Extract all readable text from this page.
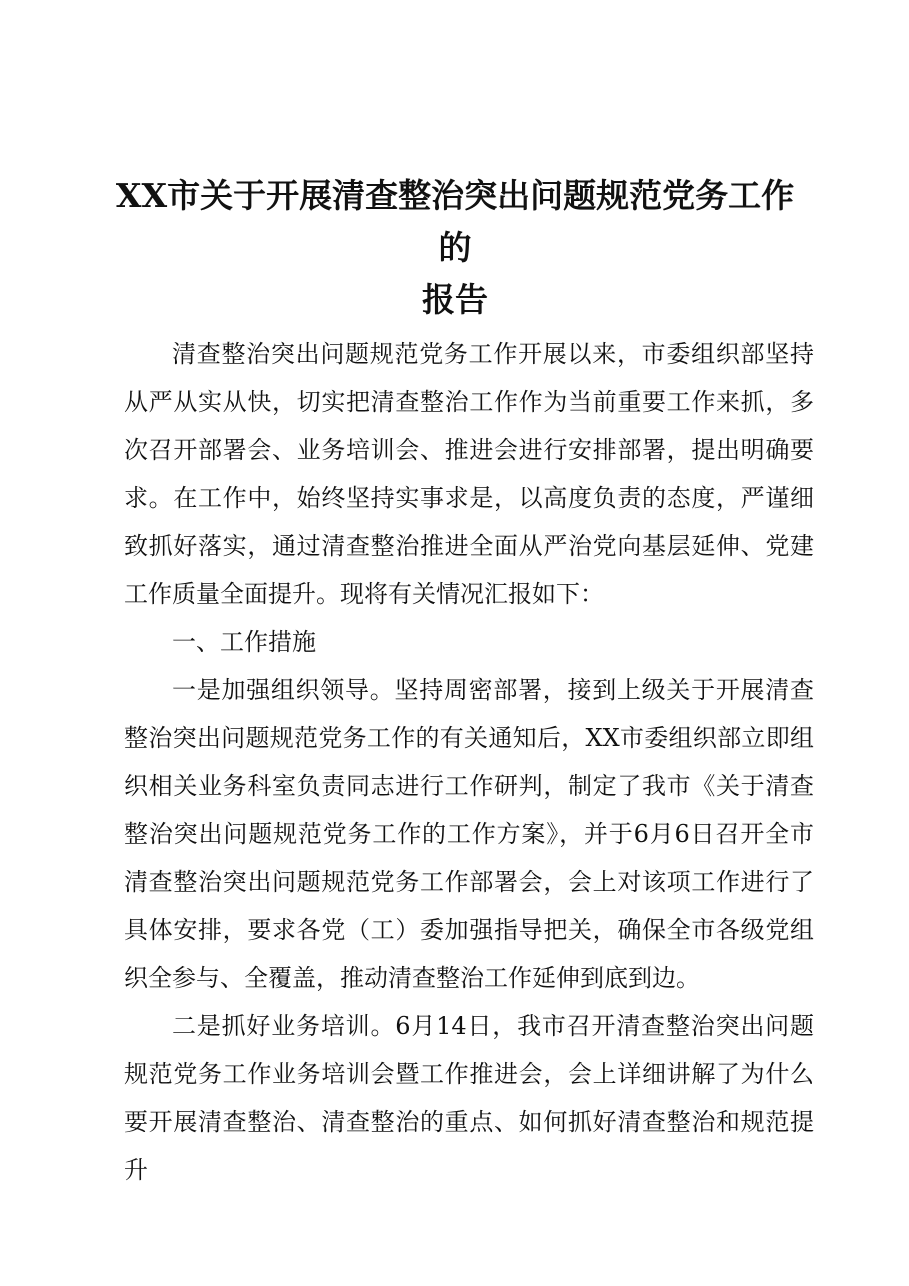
XX市关于开展清查整治突出问题规范党务工作的
报告

清查整治突出问题规范党务工作开展以来，市委组织部坚持从严从实从快，切实把清查整治工作作为当前重要工作来抓，多次召开部署会、业务培训会、推进会进行安排部署，提出明确要求。在工作中，始终坚持实事求是，以高度负责的态度，严谨细致抓好落实，通过清查整治推进全面从严治党向基层延伸、党建工作质量全面提升。现将有关情况汇报如下：

一、工作措施

一是加强组织领导。坚持周密部署，接到上级关于开展清查整治突出问题规范党务工作的有关通知后，XX市委组织部立即组织相关业务科室负责同志进行工作研判，制定了我市《关于清查整治突出问题规范党务工作的工作方案》，并于6月6日召开全市清查整治突出问题规范党务工作部署会，会上对该项工作进行了具体安排，要求各党（工）委加强指导把关，确保全市各级党组织全参与、全覆盖，推动清查整治工作延伸到底到边。

二是抓好业务培训。6月14日，我市召开清查整治突出问题规范党务工作业务培训会暨工作推进会，会上详细讲解了为什么要开展清查整治、清查整治的重点、如何抓好清查整治和规范提升
